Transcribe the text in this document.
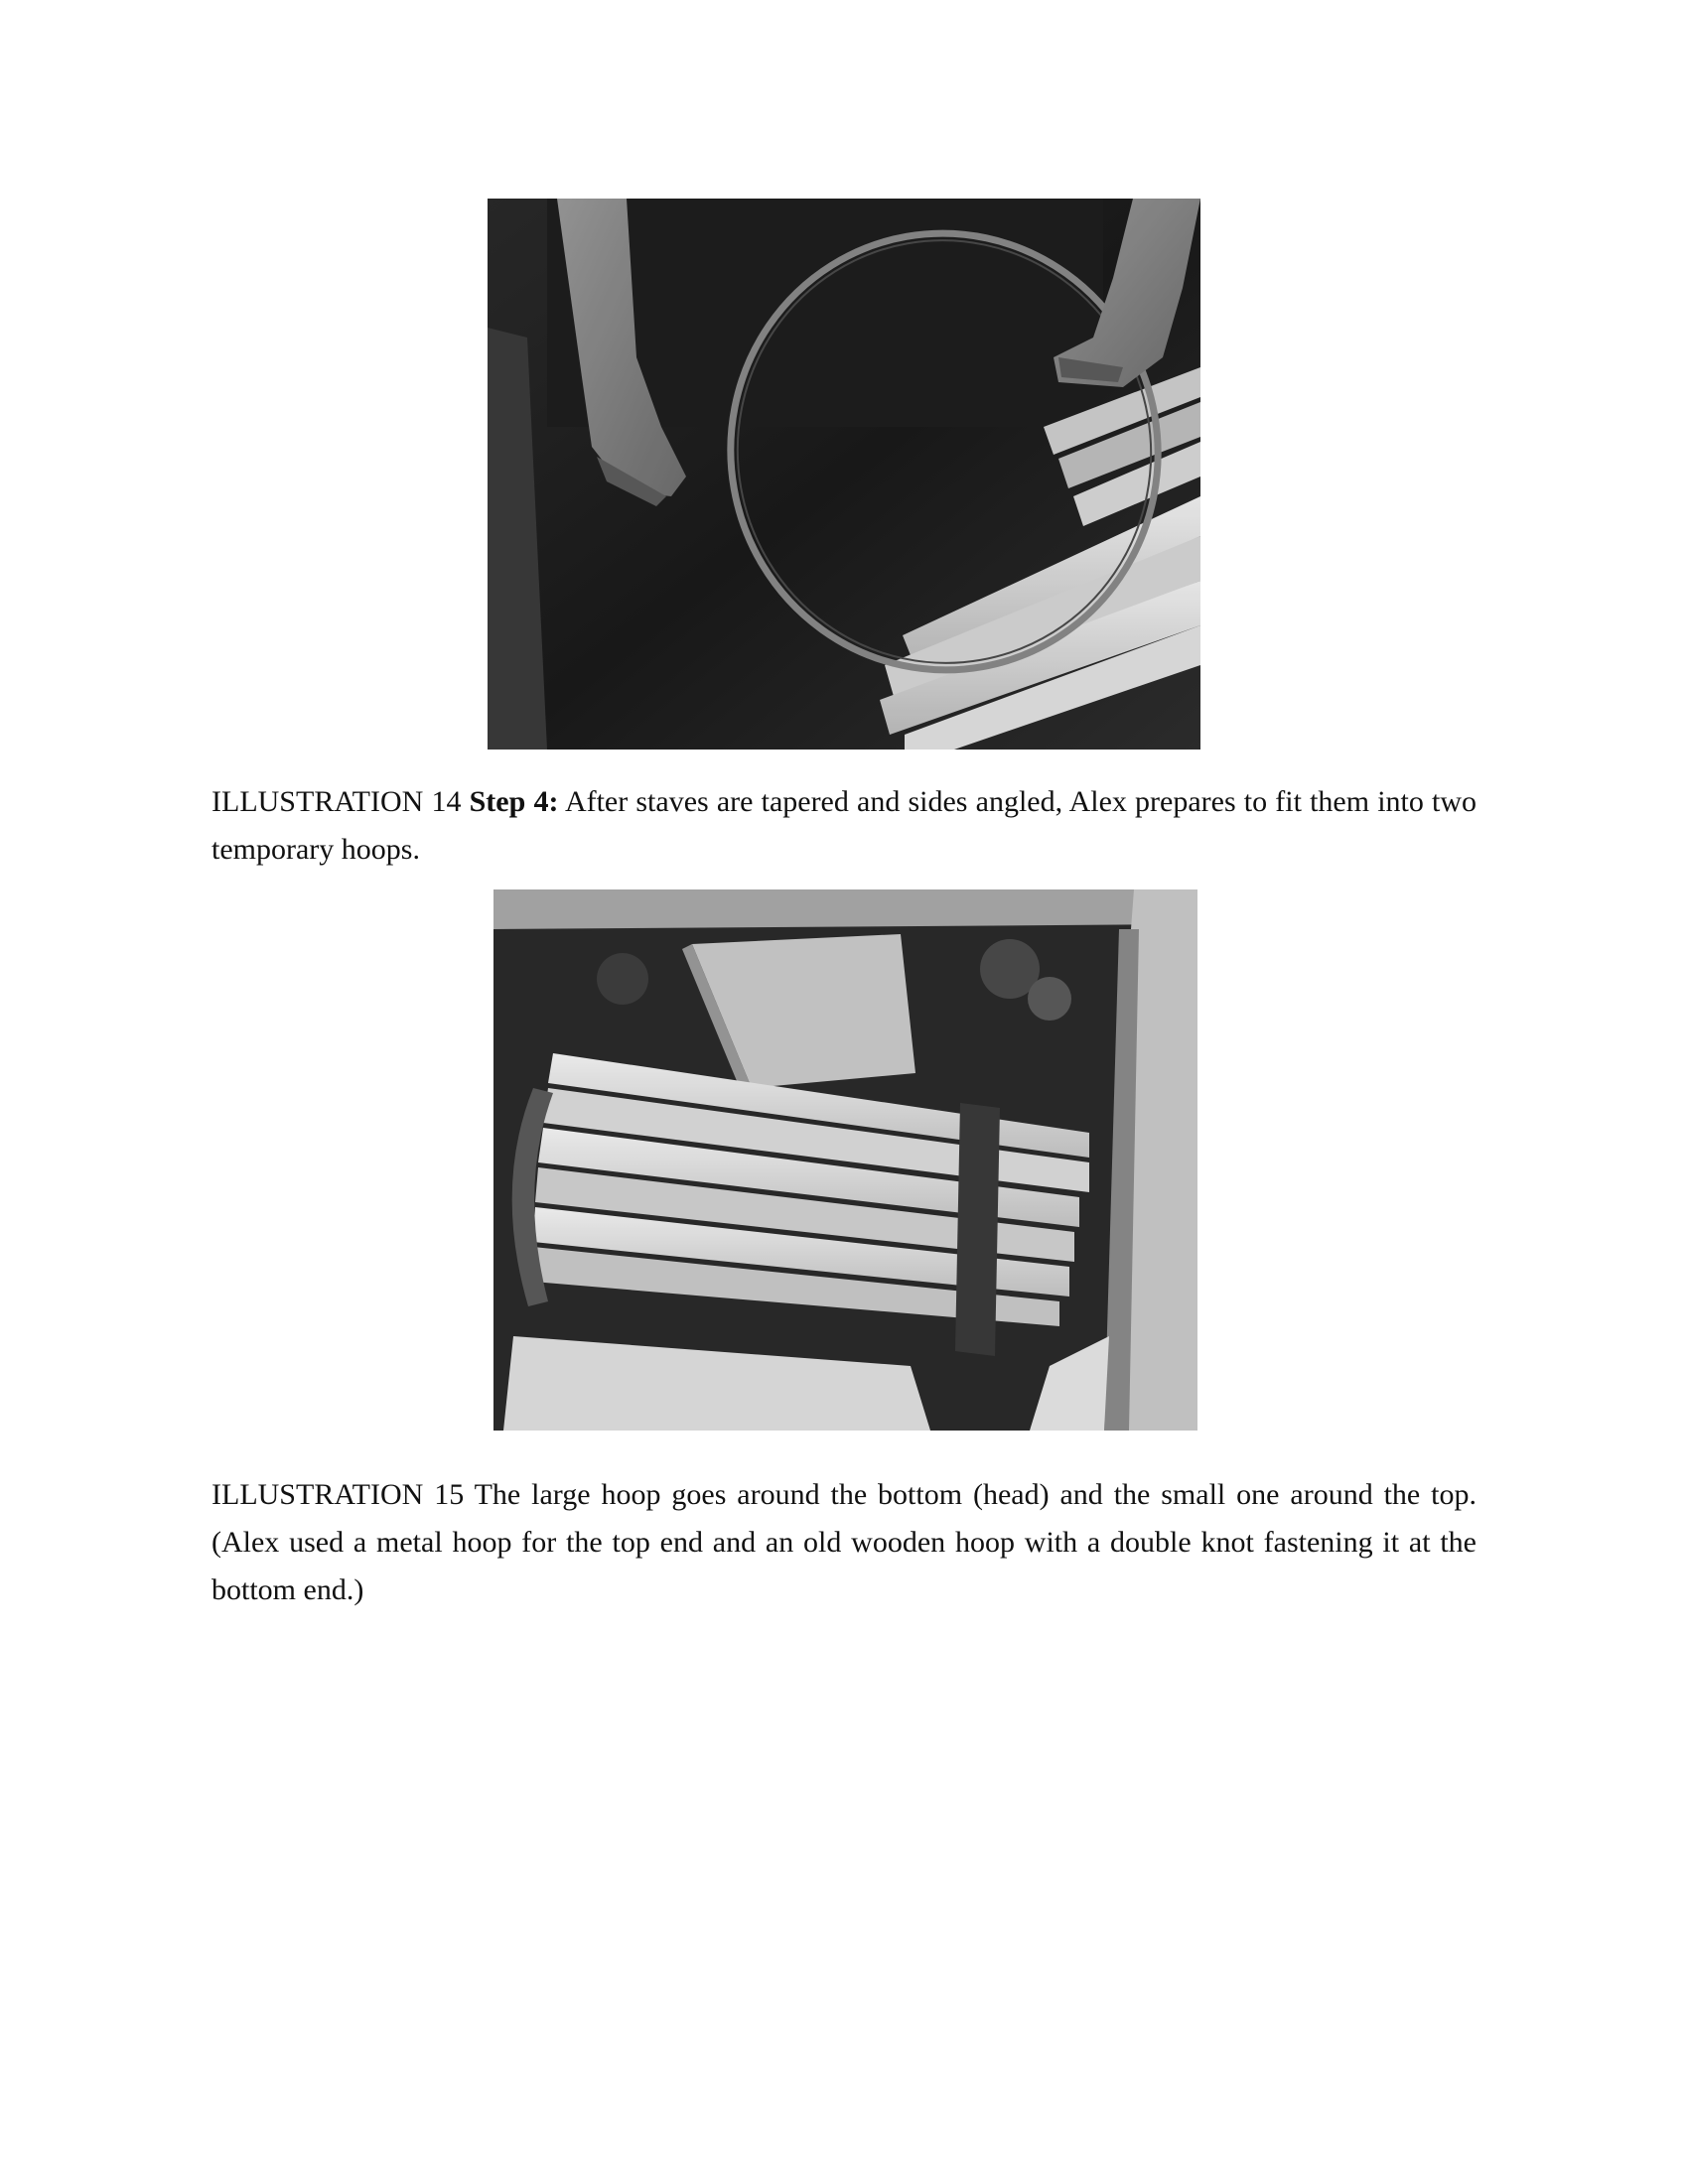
ILLUSTRATION 14 Step 4: After staves are tapered and sides angled, Alex prepares to fit them into two temporary hoops.

ILLUSTRATION 15 The large hoop goes around the bottom (head) and the small one around the top. (Alex used a metal hoop for the top end and an old wooden hoop with a double knot fastening it at the bottom end.)
